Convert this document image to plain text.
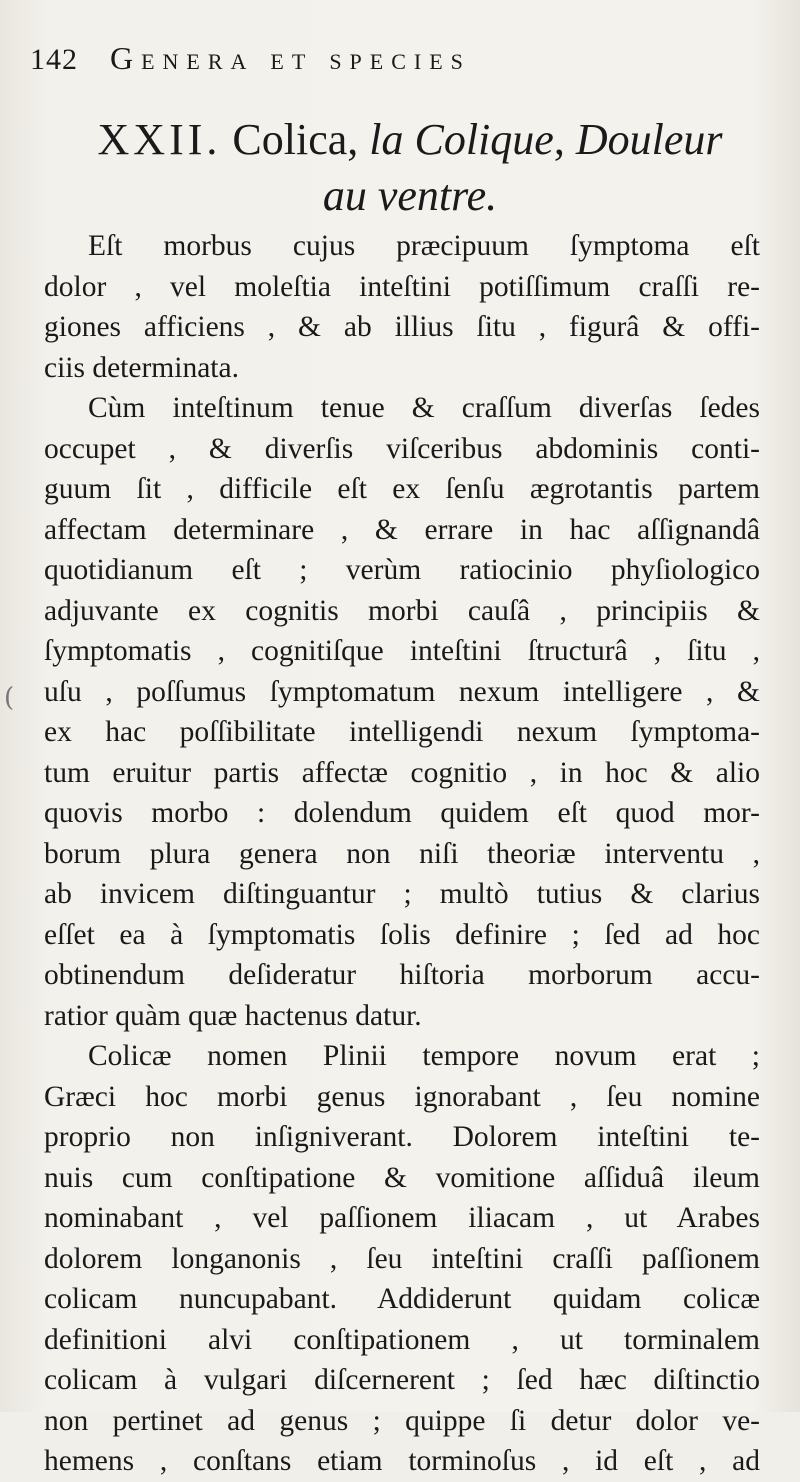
142 Genera et species
XXII. Colica, la Colique, Douleur
au ventre.
Eſt morbus cujus præcipuum ſymptoma eſt
dolor , vel moleſtia inteſtini potiſſimum craſſi re-
giones afficiens , & ab illius ſitu , figurâ & offi-
ciis determinata.
Cùm inteſtinum tenue & craſſum diverſas ſedes
occupet , & diverſis viſceribus abdominis conti-
guum ſit , difficile eſt ex ſenſu ægrotantis partem
affectam determinare , & errare in hac aſſignandâ
quotidianum eſt ; verùm ratiocinio phyſiologico
adjuvante ex cognitis morbi cauſâ , principiis &
ſymptomatis , cognitiſque inteſtini ſtructurâ , ſitu ,
uſu , poſſumus ſymptomatum nexum intelligere , &
ex hac poſſibilitate intelligendi nexum ſymptoma-
tum eruitur partis affectæ cognitio , in hoc & alio
quovis morbo : dolendum quidem eſt quod mor-
borum plura genera non niſi theoriæ interventu ,
ab invicem diſtinguantur ; multò tutius & clarius
eſſet ea à ſymptomatis ſolis definire ; ſed ad hoc
obtinendum deſideratur hiſtoria morborum accu-
ratior quàm quæ hactenus datur.
Colicæ nomen Plinii tempore novum erat ;
Græci hoc morbi genus ignorabant , ſeu nomine
proprio non inſigniverant. Dolorem inteſtini te-
nuis cum conſtipatione & vomitione aſſiduâ ileum
nominabant , vel paſſionem iliacam , ut Arabes
dolorem longanonis , ſeu inteſtini craſſi paſſionem
colicam nuncupabant. Addiderunt quidam colicæ
definitioni alvi conſtipationem , ut torminalem
colicam à vulgari diſcernerent ; ſed hæc diſtinctio
non pertinet ad genus ; quippe ſi detur dolor ve-
hemens , conſtans etiam torminoſus , id eſt , ad
(
